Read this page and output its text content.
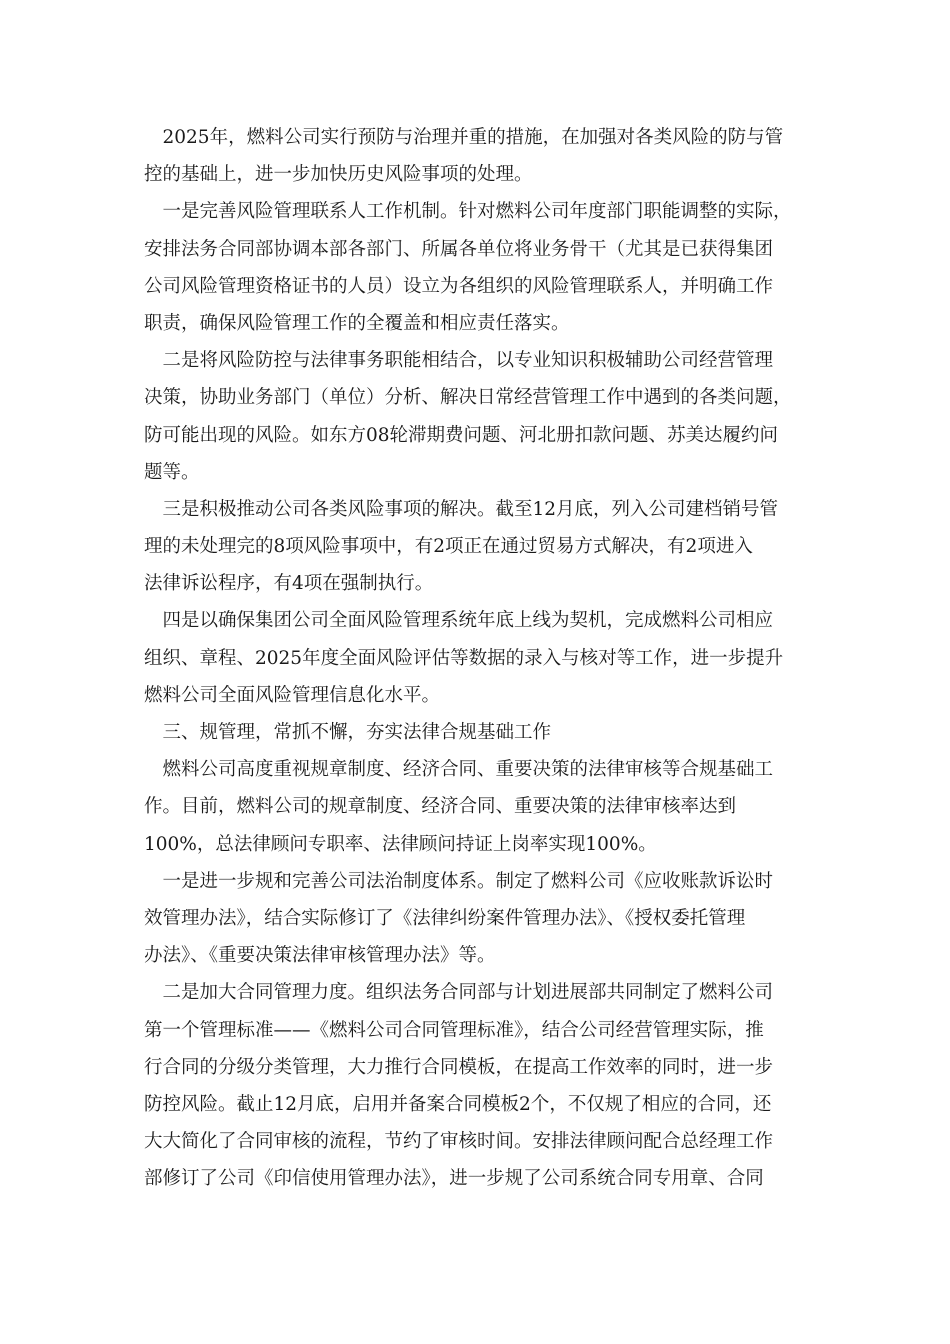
　2025年，燃料公司实行预防与治理并重的措施，在加强对各类风险的防与管
控的基础上，进一步加快历史风险事项的处理。
　一是完善风险管理联系人工作机制。针对燃料公司年度部门职能调整的实际，
安排法务合同部协调本部各部门、所属各单位将业务骨干（尤其是已获得集团
公司风险管理资格证书的人员）设立为各组织的风险管理联系人，并明确工作
职责，确保风险管理工作的全覆盖和相应责任落实。
　二是将风险防控与法律事务职能相结合，以专业知识积极辅助公司经营管理
决策，协助业务部门（单位）分析、解决日常经营管理工作中遇到的各类问题，
防可能出现的风险。如东方08轮滞期费问题、河北册扣款问题、苏美达履约问
题等。
　三是积极推动公司各类风险事项的解决。截至12月底，列入公司建档销号管
理的未处理完的8项风险事项中，有2项正在通过贸易方式解决，有2项进入
法律诉讼程序，有4项在强制执行。
　四是以确保集团公司全面风险管理系统年底上线为契机，完成燃料公司相应
组织、章程、2025年度全面风险评估等数据的录入与核对等工作，进一步提升
燃料公司全面风险管理信息化水平。
　三、规管理，常抓不懈，夯实法律合规基础工作
　燃料公司高度重视规章制度、经济合同、重要决策的法律审核等合规基础工
作。目前，燃料公司的规章制度、经济合同、重要决策的法律审核率达到
100%，总法律顾问专职率、法律顾问持证上岗率实现100%。
　一是进一步规和完善公司法治制度体系。制定了燃料公司《应收账款诉讼时
效管理办法》，结合实际修订了《法律纠纷案件管理办法》、《授权委托管理
办法》、《重要决策法律审核管理办法》等。
　二是加大合同管理力度。组织法务合同部与计划进展部共同制定了燃料公司
第一个管理标准——《燃料公司合同管理标准》，结合公司经营管理实际，推
行合同的分级分类管理，大力推行合同模板，在提高工作效率的同时，进一步
防控风险。截止12月底，启用并备案合同模板2个，不仅规了相应的合同，还
大大简化了合同审核的流程，节约了审核时间。安排法律顾问配合总经理工作
部修订了公司《印信使用管理办法》，进一步规了公司系统合同专用章、合同
